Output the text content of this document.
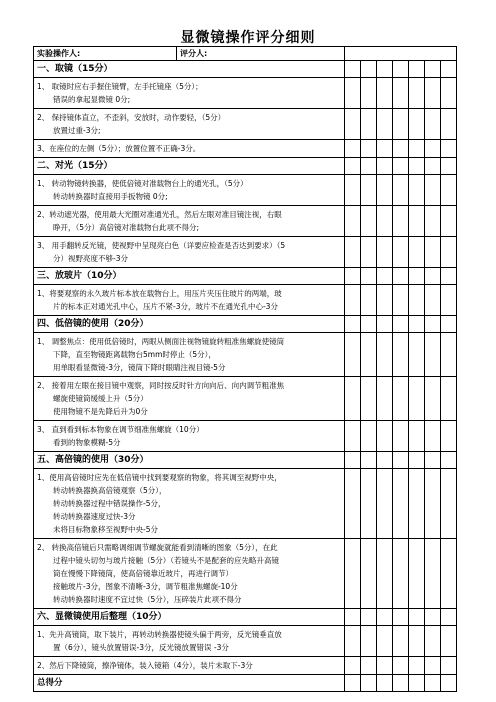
显微镜操作评分细则
实验操作人: 评分人:							

一、取镜（15分）							

1、 取镜时应右手握住镜臂，左手托镜座（5分）；
错误的拿起显微镜 0分;							

2、 保持镜体直立，不歪斜，安放时，动作要轻，（5分）
放置过重-3分;							

3、在座位的左侧（5分）；放置位置不正确-3分。							

二、对光（15分）							

1、 转动物镜转换器，使低倍镜对准载物台上的通光孔，（5分）
转动转换器时直接用手扳物镜 0分;							

2、转动遮光器，使用最大光圈对准通光孔，然后左眼对准目镜注视，右眼
睁开，（5分）高倍镜对准载物台此项不得分;							

3、 用手翻转反光镜，使视野中呈现亮白色（详要应检查是否达到要求）（5
分）视野亮度不够-3分							

三、放玻片（10分）							

1、将要观察的永久玻片标本放在载物台上，用压片夹压住玻片的两端，玻
片的标本正对通光孔中心，压片不紧-3分，玻片不在通光孔中心-3分							

四、低倍镜的使用（20分）							

1、 调整焦点：使用低倍镜时，两眼从侧面注视物镜旋转粗准焦螺旋使镜筒
下降，直至物镜距离载物台5mm时停止（5分），
用单眼看显微镜-3分，镜筒下降时眼睛注视目镜-5分							

2、 接着用左眼在接目镜中观察，同时按反时针方向向后、向内调节粗准焦
螺旋使镜筒缓缓上升（5分）
使用物镜不是先降后升为0分							

3、 直到看到标本物象在调节细准焦螺旋（10分）
看到的物象模糊-5分							

五、高倍镜的使用（30分）							

1、使用高倍镜时应先在低倍镜中找到要观察的物象，将其调至视野中央，
转动转换器换高倍镜观察（5分），
转动转换器过程中错误操作-5分，
转动转换器速度过快-3分
未将目标物象移至视野中央-5分							

2、 转换高倍镜后只需略调细调节螺旋就能看到清晰的图象（5分），在此
过程中镜头切勿与玻片接触（5分）（若镜头不是配套的应先略升高镜
筒在慢慢下降镜筒，使高倍镜靠近玻片，再进行调节）
接触玻片-3分，图象不清晰-3分，调节粗准焦螺旋-10分
转动转换器时速度不宜过快（5分），压碎装片此项不得分							

六、显微镜使用后整理（10分）							

1、先升高镜筒，取下装片，再转动转换器使镜头偏于两旁，反光镜垂直放
置（6分），镜头放置错误-3分，反光镜放置错误 -3分							

2、然后下降镜筒，擦净镜体，装入镜箱（4分），装片未取下-3分							

总得分							
